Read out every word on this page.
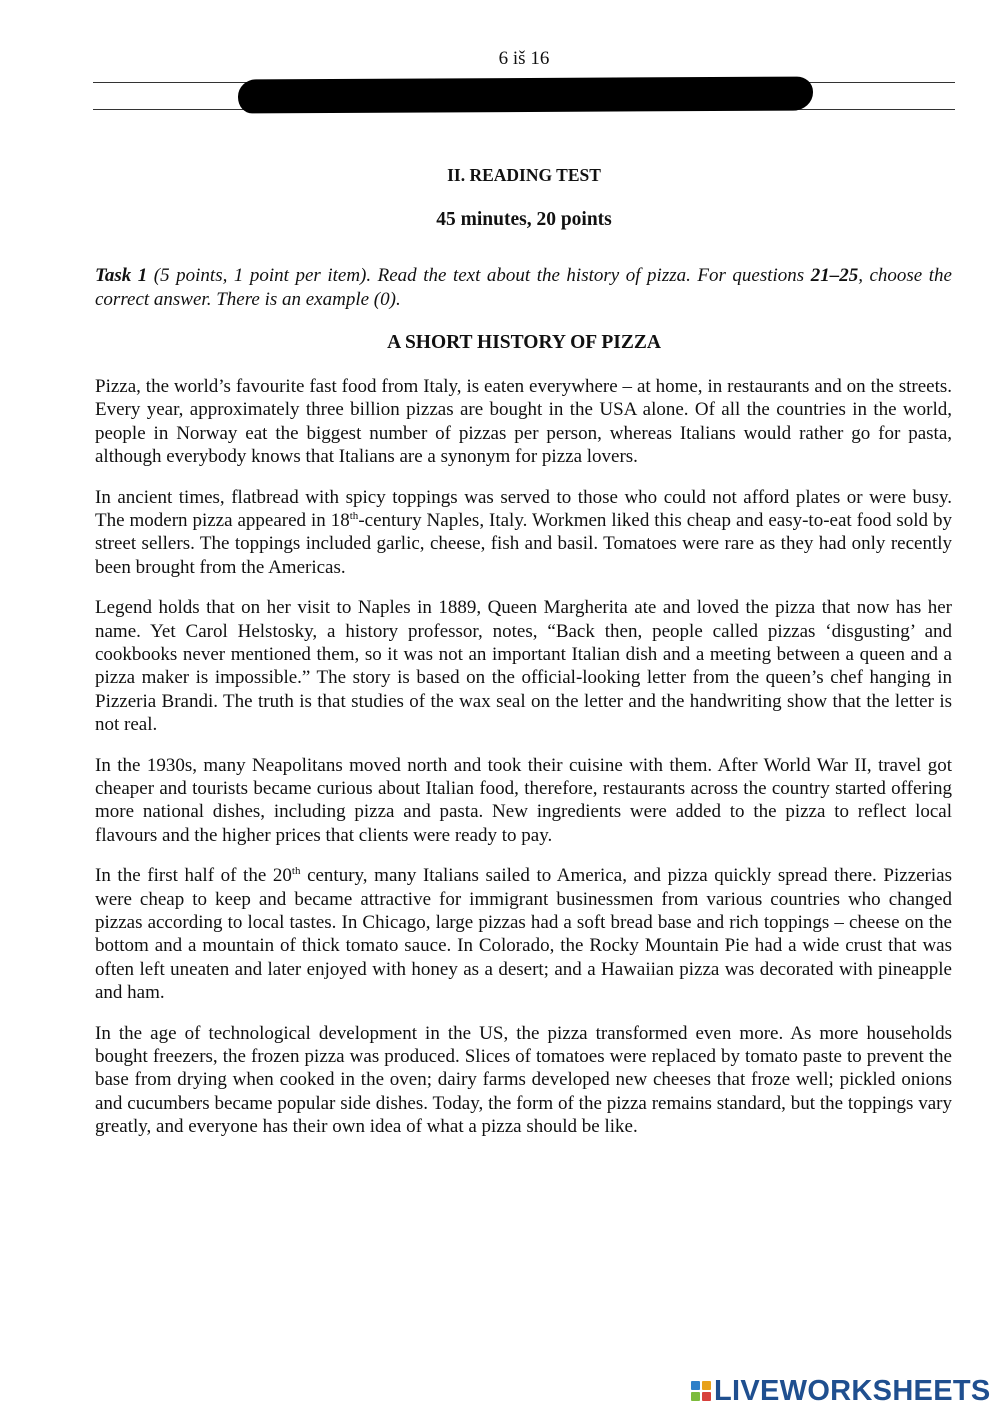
6 iš 16
II. READING TEST
45 minutes, 20 points
Task 1 (5 points, 1 point per item). Read the text about the history of pizza. For questions 21–25, choose the correct answer. There is an example (0).
A SHORT HISTORY OF PIZZA

Pizza, the world’s favourite fast food from Italy, is eaten everywhere – at home, in restaurants and on the streets. Every year, approximately three billion pizzas are bought in the USA alone. Of all the countries in the world, people in Norway eat the biggest number of pizzas per person, whereas Italians would rather go for pasta, although everybody knows that Italians are a synonym for pizza lovers.

In ancient times, flatbread with spicy toppings was served to those who could not afford plates or were busy. The modern pizza appeared in 18th-century Naples, Italy. Workmen liked this cheap and easy-to-eat food sold by street sellers. The toppings included garlic, cheese, fish and basil. Tomatoes were rare as they had only recently been brought from the Americas.

Legend holds that on her visit to Naples in 1889, Queen Margherita ate and loved the pizza that now has her name. Yet Carol Helstosky, a history professor, notes, “Back then, people called pizzas ‘disgusting’ and cookbooks never mentioned them, so it was not an important Italian dish and a meeting between a queen and a pizza maker is impossible.” The story is based on the official-looking letter from the queen’s chef hanging in Pizzeria Brandi. The truth is that studies of the wax seal on the letter and the handwriting show that the letter is not real.

In the 1930s, many Neapolitans moved north and took their cuisine with them. After World War II, travel got cheaper and tourists became curious about Italian food, therefore, restaurants across the country started offering more national dishes, including pizza and pasta. New ingredients were added to the pizza to reflect local flavours and the higher prices that clients were ready to pay.

In the first half of the 20th century, many Italians sailed to America, and pizza quickly spread there. Pizzerias were cheap to keep and became attractive for immigrant businessmen from various countries who changed pizzas according to local tastes. In Chicago, large pizzas had a soft bread base and rich toppings – cheese on the bottom and a mountain of thick tomato sauce. In Colorado, the Rocky Mountain Pie had a wide crust that was often left uneaten and later enjoyed with honey as a desert; and a Hawaiian pizza was decorated with pineapple and ham.

In the age of technological development in the US, the pizza transformed even more. As more households bought freezers, the frozen pizza was produced. Slices of tomatoes were replaced by tomato paste to prevent the base from drying when cooked in the oven; dairy farms developed new cheeses that froze well; pickled onions and cucumbers became popular side dishes. Today, the form of the pizza remains standard, but the toppings vary greatly, and everyone has their own idea of what a pizza should be like.

LIVEWORKSHEETS
